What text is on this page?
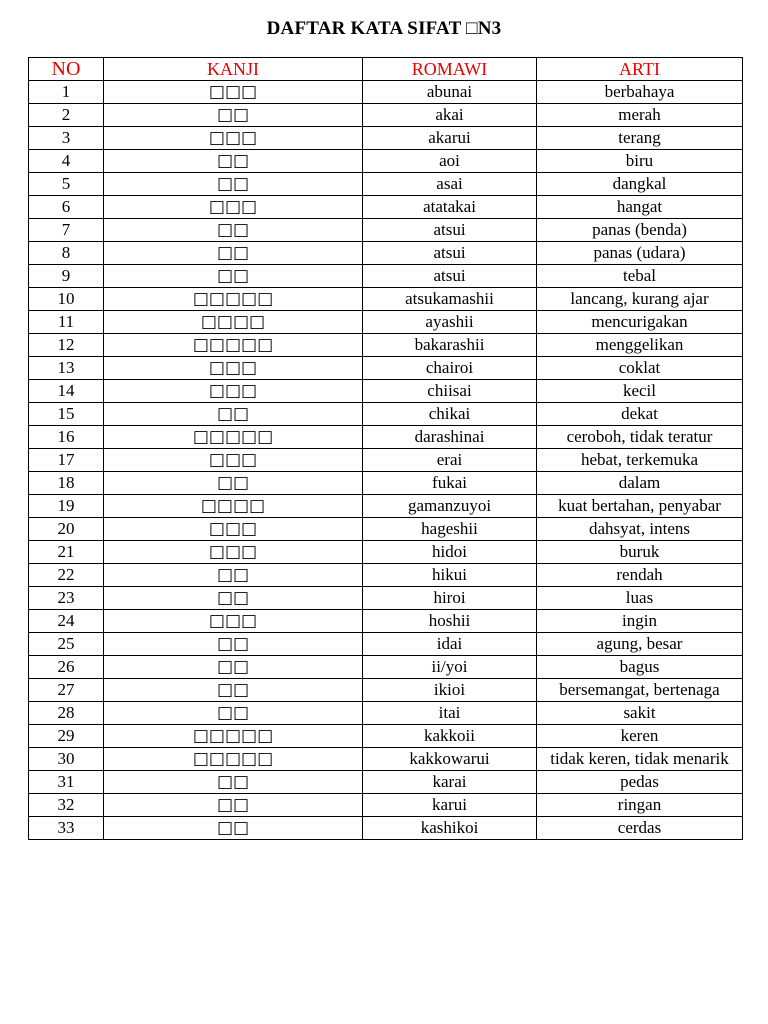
DAFTAR KATA SIFAT □N3
NO	KANJI	ROMAWI	ARTI
1	□□□	abunai	berbahaya
2	□□	akai	merah
3	□□□	akarui	terang
4	□□	aoi	biru
5	□□	asai	dangkal
6	□□□	atatakai	hangat
7	□□	atsui	panas (benda)
8	□□	atsui	panas (udara)
9	□□	atsui	tebal
10	□□□□□	atsukamashii	lancang, kurang ajar
11	□□□□	ayashii	mencurigakan
12	□□□□□	bakarashii	menggelikan
13	□□□	chairoi	coklat
14	□□□	chiisai	kecil
15	□□	chikai	dekat
16	□□□□□	darashinai	ceroboh, tidak teratur
17	□□□	erai	hebat, terkemuka
18	□□	fukai	dalam
19	□□□□	gamanzuyoi	kuat bertahan, penyabar
20	□□□	hageshii	dahsyat, intens
21	□□□	hidoi	buruk
22	□□	hikui	rendah
23	□□	hiroi	luas
24	□□□	hoshii	ingin
25	□□	idai	agung, besar
26	□□	ii/yoi	bagus
27	□□	ikioi	bersemangat, bertenaga
28	□□	itai	sakit
29	□□□□□	kakkoii	keren
30	□□□□□	kakkowarui	tidak keren, tidak menarik
31	□□	karai	pedas
32	□□	karui	ringan
33	□□	kashikoi	cerdas
